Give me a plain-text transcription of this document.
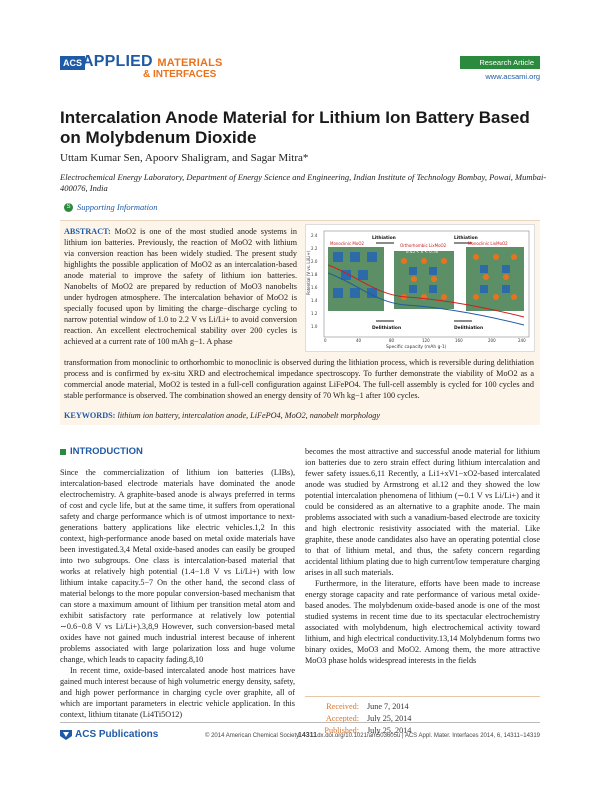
ACS APPLIED MATERIALS
& INTERFACES
Research Article
www.acsami.org
Intercalation Anode Material for Lithium Ion Battery Based on Molybdenum Dioxide
Uttam Kumar Sen, Apoorv Shaligram, and Sagar Mitra*
Electrochemical Energy Laboratory, Department of Energy Science and Engineering, Indian Institute of Technology Bombay, Powai, Mumbai-400076, India
S Supporting Information
ABSTRACT: MoO2 is one of the most studied anode systems in lithium ion batteries. Previously, the reaction of MoO2 with lithium via conversion reaction has been widely studied. The present study highlights the possible application of MoO2 as an intercalation-based anode material to improve the safety of lithium ion batteries. Nanobelts of MoO2 are prepared by reduction of MoO3 nanobelts under hydrogen atmosphere. The intercalation behavior of MoO2 is specially focused upon by limiting the charge−discharge cycling to narrow potential window of 1.0 to 2.2 V vs Li/Li+ to avoid conversion reaction. An excellent electrochemical stability over 200 cycles is achieved at a current rate of 100 mAh g−1. A phase
2.4
2.2
2.0
1.8
1.6
1.4
1.2
1.0
Potential (V vs. Li/Li+)
Lithiation	Lithiation
Delithiation	Delithiation
Monoclinic MoO2	Orthorhombic LixMoO2
0.45 < x < 0.78
Monoclinic LixMoO2
Specific capacity (mAh g-1)
0	40	80	120	160	200	240
transformation from monoclinic to orthorhombic to monoclinic is observed during the lithiation process, which is reversible during delithiation process and is confirmed by ex-situ XRD and electrochemical impedance spectroscopy. To further demonstrate the viability of MoO2 as a commercial anode material, MoO2 is tested in a full-cell configuration against LiFePO4. The full-cell assembly is cycled for 100 cycles and stable performance is observed. The combination showed an energy density of 70 Wh kg−1 after 100 cycles.
KEYWORDS: lithium ion battery, intercalation anode, LiFePO4, MoO2, nanobelt morphology
INTRODUCTION

Since the commercialization of lithium ion batteries (LIBs), intercalation-based electrode materials have dominated the anode electrochemistry. A graphite-based anode is always preferred in terms of cost and cycle life, but at the same time, it suffers from operational safety and charge performance which is of utmost importance to next-generations battery applications like electric vehicles.1,2 In this context, high-performance anode based on metal oxide materials have been investigated.3,4 Metal oxide-based anodes can easily be grouped into two subgroups. One class is intercalation-based material that works at relatively high potential (1.4−1.8 V vs Li/Li+) with low lithium intake capacity.5−7 On the other hand, the second class of material belongs to the more popular conversion-based mechanism that can store a maximum amount of lithium per transition metal atom and exhibit satisfactory rate performance at relatively low potential ∼0.6−0.8 V vs Li/Li+).3,8,9 However, such conversion-based metal oxides have not gained much industrial interest because of inherent problems associated with large polarization loss and huge volume change, which leads to capacity fading.8,10

In recent time, oxide-based intercalated anode host matrices have gained much interest because of high volumetric energy density, safety, and high power performance in charging cycle over graphite, all of which are important parameters in electric vehicle application. In this context, lithium titanate (Li4Ti5O12)

becomes the most attractive and successful anode material for lithium ion batteries due to zero strain effect during lithium intercalation and fewer safety issues.6,11 Recently, a Li1+xV1−xO2-based intercalated anode was studied by Armstrong et al.12 and they showed the low potential intercalation phenomena of lithium (∼0.1 V vs Li/Li+) and it could be considered as an alternative to a graphite anode. The main problems associated with such a vanadium-based electrode are toxicity and high electronic resistivity associated with the material. Like graphite, these anode candidates also have an operating potential close to that of lithium metal, and thus, the safety concern regarding accidental lithium plating due to high current/low temperature charging arises in all such materials.

Furthermore, in the literature, efforts have been made to increase energy storage capacity and rate performance of various metal oxide-based anodes. The molybdenum oxide-based anode is one of the most studied systems in recent time due to its spectacular electrochemistry associated with molybdenum, high electrochemical activity toward lithium, and high electrical conductivity.13,14 Molybdenum forms two binary oxides, MoO3 and MoO2. Among them, the more attractive MoO3 phase holds widespread interests in the fields

Received: June 7, 2014
Accepted: July 25, 2014
Published: July 25, 2014
ACS Publications	© 2014 American Chemical Society
14311 dx.doi.org/10.1021/am503605u | ACS Appl. Mater. Interfaces 2014, 6, 14311−14319
